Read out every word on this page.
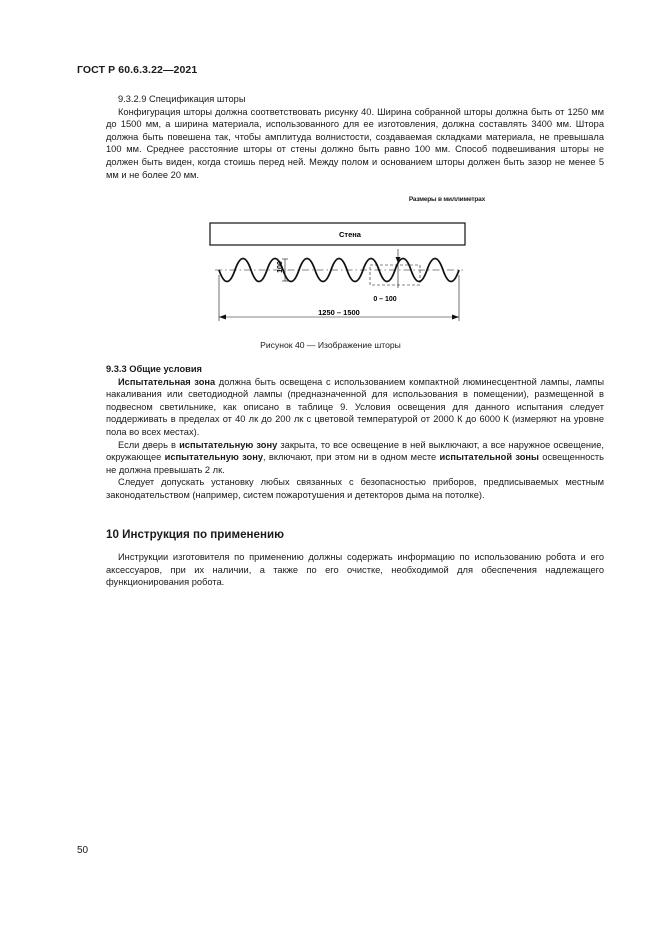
ГОСТ Р 60.6.3.22—2021

9.3.2.9 Спецификация шторы

Конфигурация шторы должна соответствовать рисунку 40. Ширина собранной шторы должна быть от 1250 мм до 1500 мм, а ширина материала, использованного для ее изготовления, должна составлять 3400 мм. Штора должна быть повешена так, чтобы амплитуда волнистости, создаваемая складками материала, не превышала 100 мм. Среднее расстояние шторы от стены должно быть равно 100 мм. Способ подвешивания шторы не должен быть виден, когда стоишь перед ней. Между полом и основанием шторы должен быть зазор не менее 5 мм и не более 20 мм.

Размеры в миллиметрах
Стена
100
0 – 100
1250 – 1500
Рисунок 40 — Изображение шторы

9.3.3 Общие условия

Испытательная зона должна быть освещена с использованием компактной люминесцентной лампы, лампы накаливания или светодиодной лампы (предназначенной для использования в помещении), размещенной в подвесном светильнике, как описано в таблице 9. Условия освещения для данного испытания следует поддерживать в пределах от 40 лк до 200 лк с цветовой температурой от 2000 К до 6000 К (измеряют на уровне пола во всех местах).

Если дверь в испытательную зону закрыта, то все освещение в ней выключают, а все наружное освещение, окружающее испытательную зону, включают, при этом ни в одном месте испытательной зоны освещенность не должна превышать 2 лк.

Следует допускать установку любых связанных с безопасностью приборов, предписываемых местным законодательством (например, систем пожаротушения и детекторов дыма на потолке).

10 Инструкция по применению

Инструкции изготовителя по применению должны содержать информацию по использованию робота и его аксессуаров, при их наличии, а также по его очистке, необходимой для обеспечения надлежащего функционирования робота.

50
